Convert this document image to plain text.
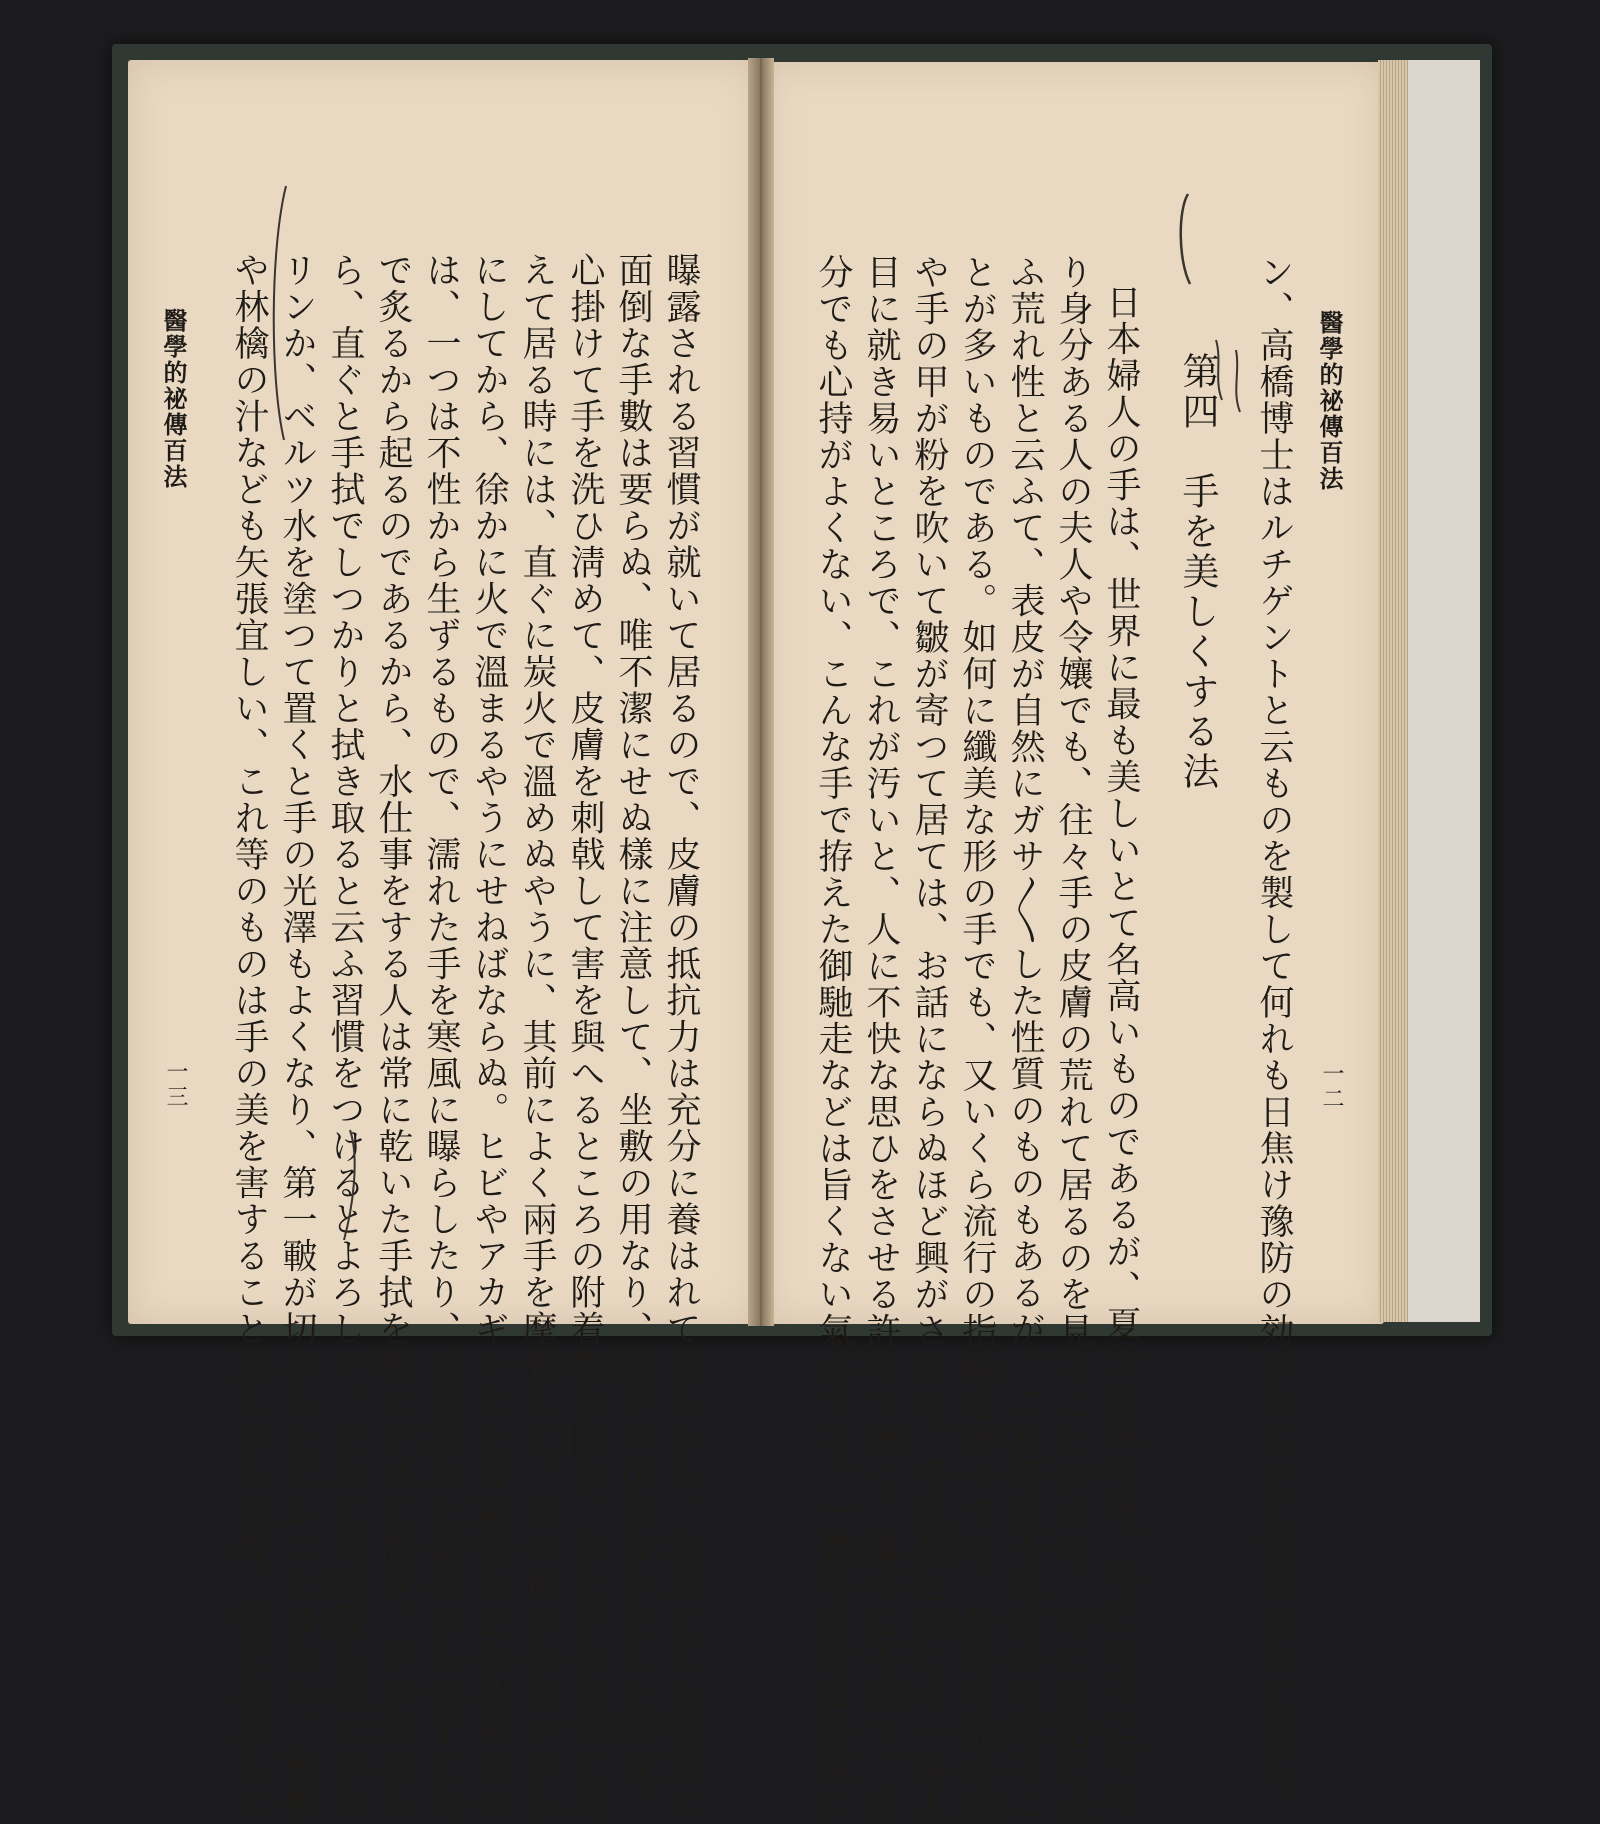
醫學的祕傳百法
一三	曝露される習慣が就いて居るので、皮膚の抵抗力は充分に養はれて居るから、注意とても特別に
面倒な手數は要らぬ、唯不潔にせぬ樣に注意して、坐敷の用なり、勝手の仕事なりをした時は、
心掛けて手を洗ひ淸めて、皮膚を刺戟して害を與へるところの附着物を除き、また手の非常に冷
えて居る時には、直ぐに炭火で溫めぬやうに、其前によく兩手を摩擦して、血の循りの良いやう
にしてから、徐かに火で溫まるやうにせねばならぬ。ヒビやアカギレまたは霜燒などの出來るの
は、一つは不性から生ずるもので、濡れた手を寒風に曝らしたり、又は濡れた儘拭ひもせずに火
で炙るから起るのであるから、水仕事をする人は常に乾いた手拭を腰に下げて置き、手が濡れた
ら、直ぐと手拭でしつかりと拭き取ると云ふ習慣をつけるとよろしい。それに每晩寢る前にワセ
リンか、ベルツ水を塗つて置くと手の光澤もよくなり、第一皸が切れると云ふことはない、蜜柑
や林檎の汁なども矢張宜しい、これ等のものは手の美を害すること惡しきもの故、特に注意して	醫學的祕傳百法
一二
ン、高橋博士はルチゲントと云ものを製して何れも日焦け豫防の効があるとて賞用されて居る。
第四　手を美しくする法
日本婦人の手は、世界に最も美しいとて名高いものであるが、夏分は兎も角、冬になると可な
り身分ある人の夫人や令孃でも、往々手の皮膚の荒れて居るのを見ることがある、中には俗に云
ふ荒れ性と云ふて、表皮が自然にガサ〳〵した性質のものもあるが、これ等は不注意から起るこ
とが多いものである。如何に纖美な形の手でも、又いくら流行の指輪を飾つても、肝腎な指の肉
や手の甲が粉を吹いて皺が寄つて居ては、お話にならぬほど興がさめる。手は顏と同じく一番人
目に就き易いところで、これが汚いと、人に不快な思ひをさせる許りで無く、萬づに不便で、自
分でも心持がよくない、こんな手で拵えた御馳走などは旨くない氣がする。一體手は常に外氣に
